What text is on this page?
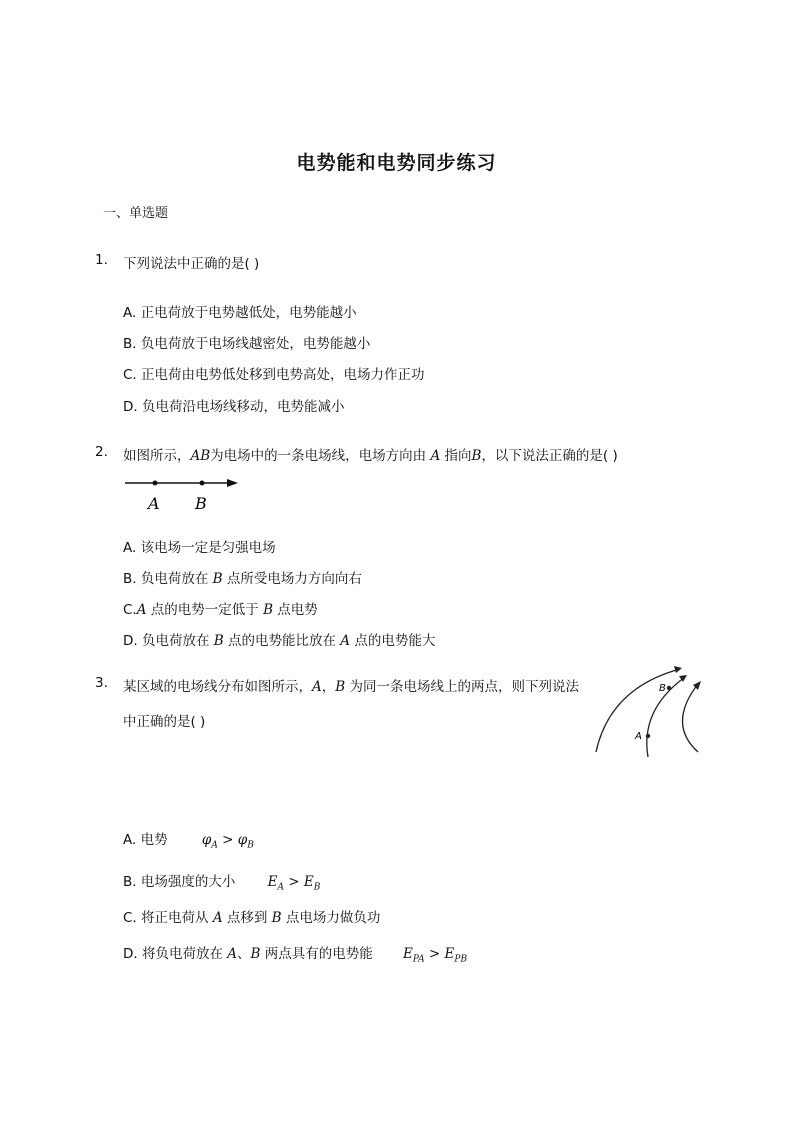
电势能和电势同步练习
一、单选题
1. 下列说法中正确的是( )
A. 正电荷放于电势越低处，电势能越小
B. 负电荷放于电场线越密处，电势能越小
C. 正电荷由电势低处移到电势高处，电场力作正功
D. 负电荷沿电场线移动，电势能减小
2. 如图所示，AB为电场中的一条电场线，电场方向由 A 指向B，以下说法正确的是( )
A B
A. 该电场一定是匀强电场
B. 负电荷放在 B 点所受电场力方向向右
C.A 点的电势一定低于 B 点电势
D. 负电荷放在 B 点的电势能比放在 A 点的电势能大
3. 某区域的电场线分布如图所示，A，B 为同一条电场线上的两点，则下列说法
中正确的是( )
B
A
A. 电势	$\varphi_A > \varphi_B$
B. 电场强度的大小 $E_A > E_B$
C. 将正电荷从 A 点移到 B 点电场力做负功
D. 将负电荷放在 A、B 两点具有的电势能 $E_{PA} > E_{PB}$
